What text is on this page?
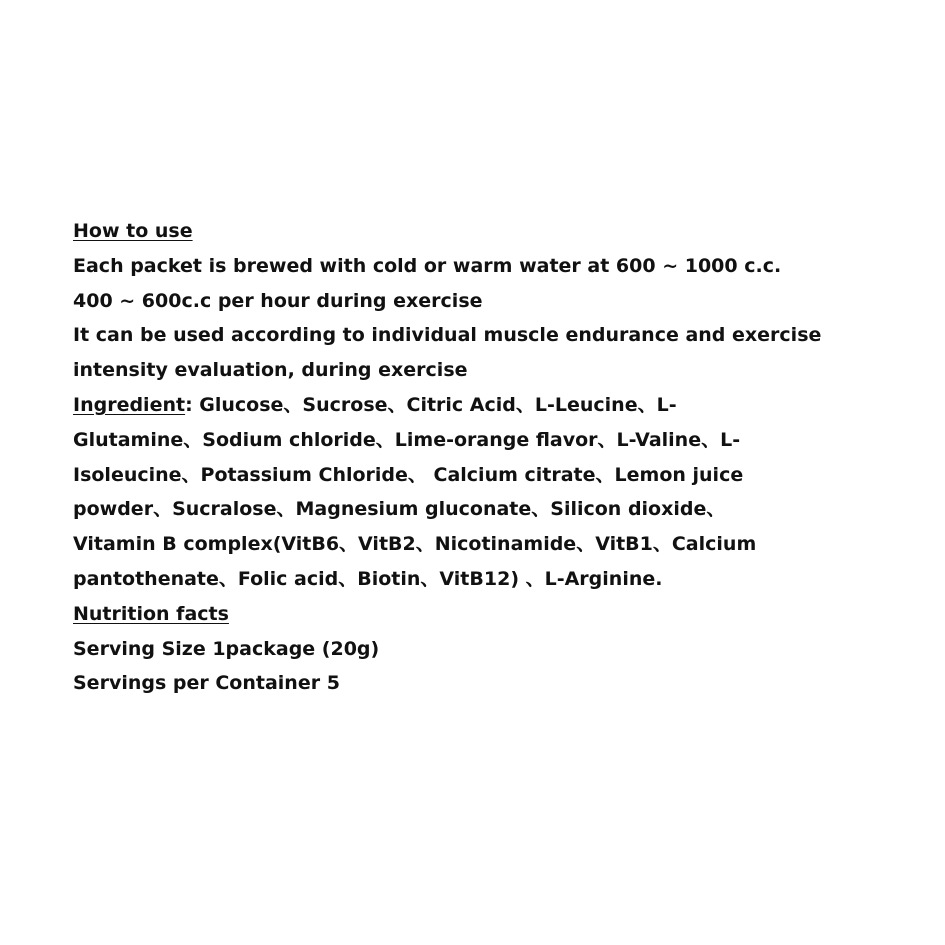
How to use
Each packet is brewed with cold or warm water at 600 ~ 1000 c.c.
400 ~ 600c.c per hour during exercise
It can be used according to individual muscle endurance and exercise
intensity evaluation, during exercise
Ingredient: Glucose、Sucrose、Citric Acid、L-Leucine、L-
Glutamine、Sodium chloride、Lime-orange flavor、L-Valine、L-
Isoleucine、Potassium Chloride、 Calcium citrate、Lemon juice
powder、Sucralose、Magnesium gluconate、Silicon dioxide、
Vitamin B complex(VitB6、VitB2、Nicotinamide、VitB1、Calcium
pantothenate、Folic acid、Biotin、VitB12) 、L-Arginine.
Nutrition facts
Serving Size 1package (20g)
Servings per Container 5
